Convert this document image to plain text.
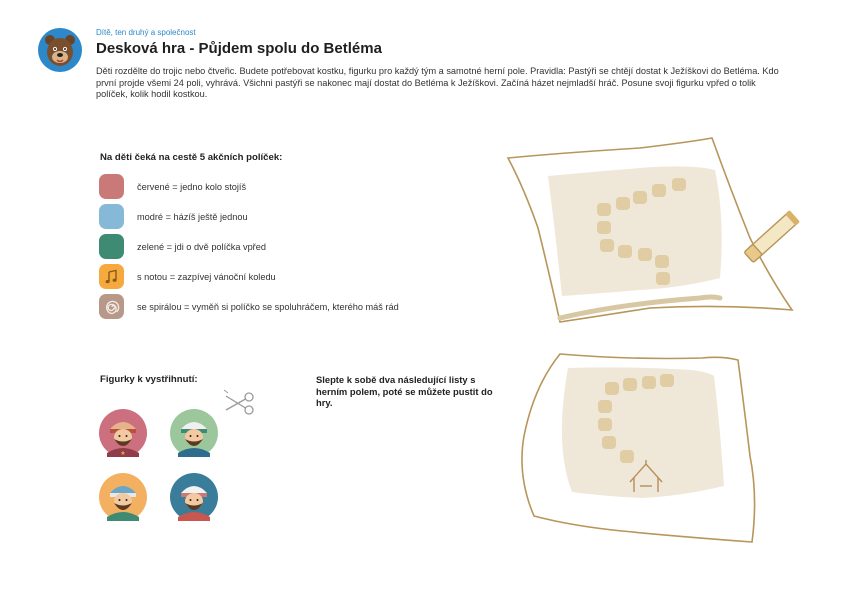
Dítě, ten druhý a společnost
Desková hra - Půjdem spolu do Betléma

Děti rozdělte do trojic nebo čtveřic. Budete potřebovat kostku, figurku pro každý tým a samotné herní pole. Pravidla: Pastýři se chtějí dostat k Ježíškovi do Betléma. Kdo první projde všemi 24 poli, vyhrává. Všichni pastýři se nakonec mají dostat do Betléma k Ježíškovi. Začíná házet nejmladší hráč. Posune svoji figurku vpřed o tolik políček, kolik hodil kostkou.

Na děti čeká na cestě 5 akčních políček:
červené = jedno kolo stojíš
modré = házíš ještě jednou
zelené = jdi o dvě políčka vpřed
s notou = zazpívej vánoční koledu
se spirálou = vyměň si políčko se spoluhráčem, kterého máš rád
Figurky k vystřihnutí:
★

Slepte k sobě dva následující listy s herním polem, poté se můžete pustit do hry.
